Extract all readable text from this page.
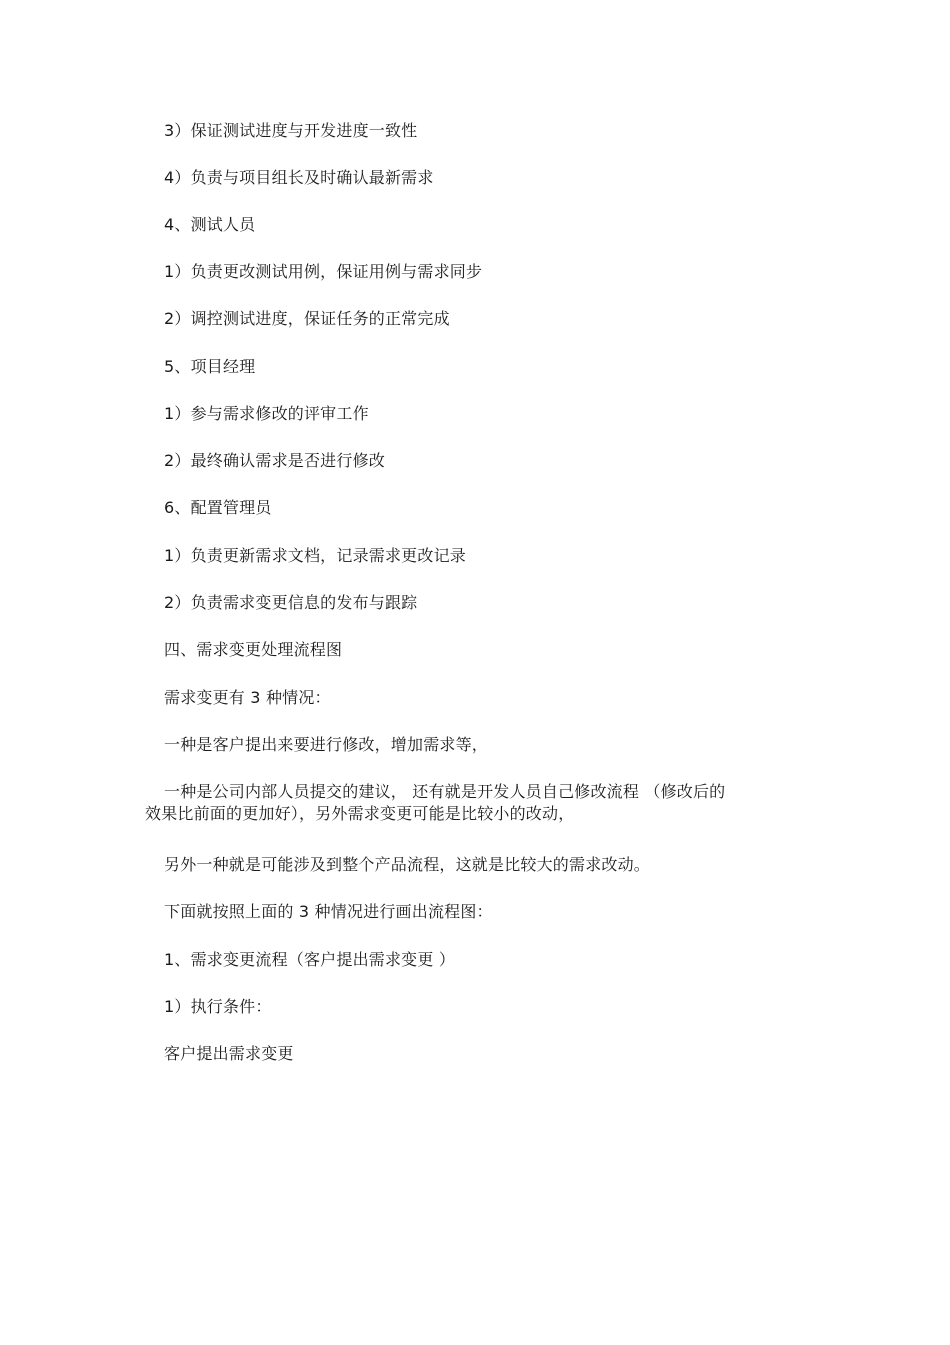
3）保证测试进度与开发进度一致性
4）负责与项目组长及时确认最新需求
4、测试人员
1）负责更改测试用例，保证用例与需求同步
2）调控测试进度，保证任务的正常完成
5、项目经理
1）参与需求修改的评审工作
2）最终确认需求是否进行修改
6、配置管理员
1）负责更新需求文档，记录需求更改记录
2）负责需求变更信息的发布与跟踪
四、需求变更处理流程图
需求变更有 3 种情况：
一种是客户提出来要进行修改，增加需求等，
一种是公司内部人员提交的建议， 还有就是开发人员自己修改流程 （修改后的
效果比前面的更加好），另外需求变更可能是比较小的改动，
另外一种就是可能涉及到整个产品流程，这就是比较大的需求改动。
下面就按照上面的 3 种情况进行画出流程图：
1、需求变更流程（客户提出需求变更 ）
1）执行条件：
客户提出需求变更
